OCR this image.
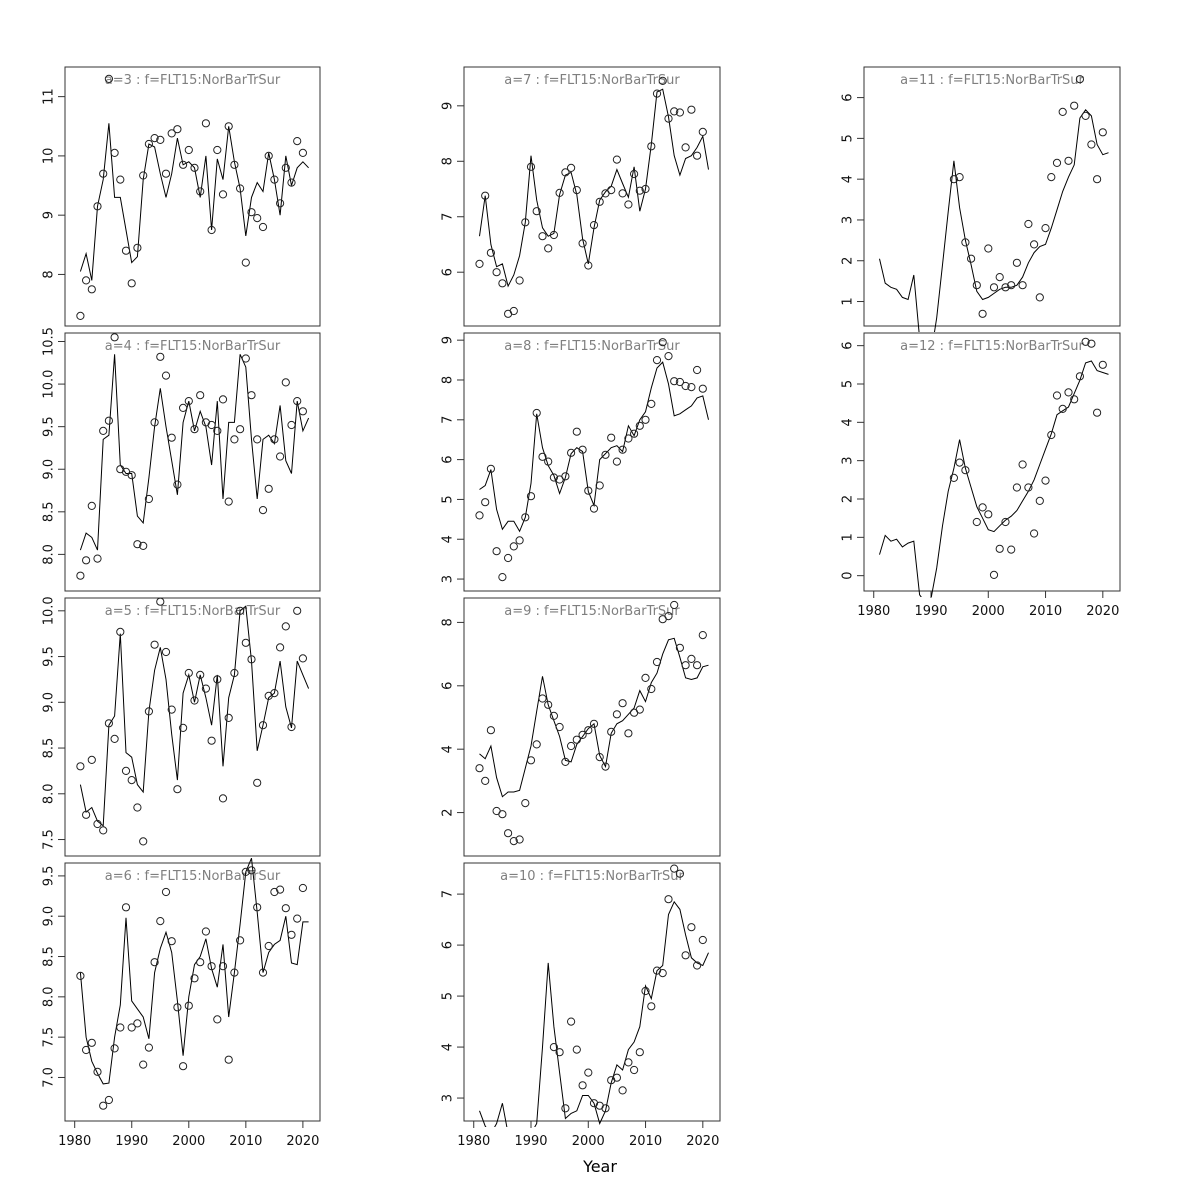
a=3 : f=FLT15:NorBarTrSur
8
9
10
11
a=4 : f=FLT15:NorBarTrSur
8.0
8.5
9.0
9.5
10.0
10.5
a=5 : f=FLT15:NorBarTrSur
7.5
8.0
8.5
9.0
9.5
10.0
a=6 : f=FLT15:NorBarTrSur
7.0
7.5
8.0
8.5
9.0
9.5
1980 1990 2000 2010 2020
a=7 : f=FLT15:NorBarTrSur
6
7
8
9
a=8 : f=FLT15:NorBarTrSur
3
4
5
6
7
8
9
a=9 : f=FLT15:NorBarTrSur
2
4
6
8
a=10 : f=FLT15:NorBarTrSur
3
4
5
6
7
1980 1990 2000 2010 2020
a=11 : f=FLT15:NorBarTrSur
1
2
3
4
5
6
a=12 : f=FLT15:NorBarTrSur
0
1
2
3
4
5
6
1980 1990 2000 2010 2020
Year
